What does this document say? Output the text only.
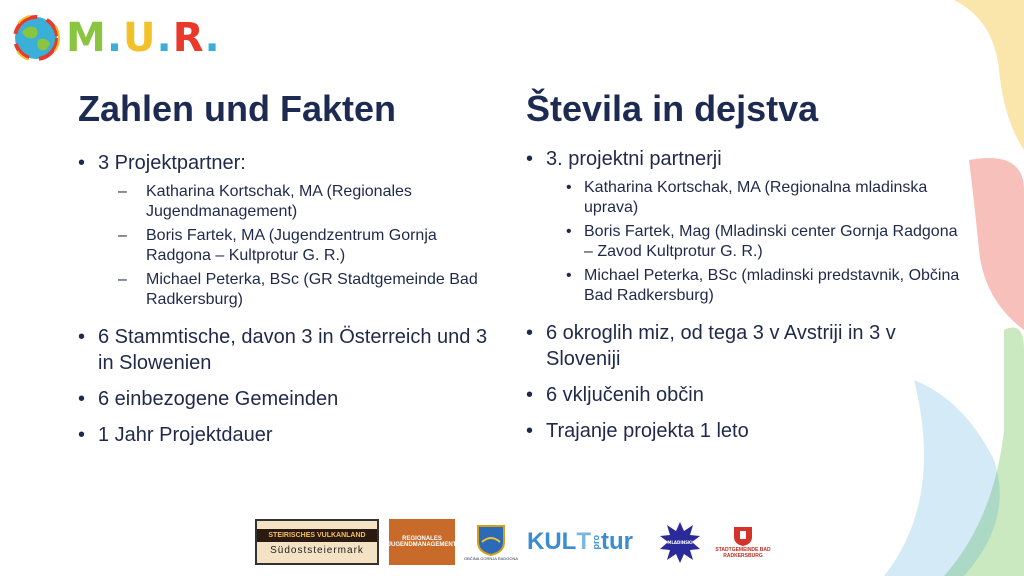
M.U.R.
Zahlen und Fakten	Števila in dejstva
• 3 Projektpartner:
– Katharina Kortschak, MA (Regionales Jugendmanagement)
– Boris Fartek, MA (Jugendzentrum Gornja Radgona – Kultprotur G. R.)
– Michael Peterka, BSc (GR Stadtgemeinde Bad Radkersburg)
• 6 Stammtische, davon 3 in Österreich und 3 in Slowenien
• 6 einbezogene Gemeinden
• 1 Jahr Projektdauer
• 3. projektni partnerji
• Katharina Kortschak, MA (Regionalna mladinska uprava)
• Boris Fartek, Mag (Mladinski center Gornja Radgona – Zavod Kultprotur G. R.)
• Michael Peterka, BSc (mladinski predstavnik, Občina Bad Radkersburg)
• 6 okroglih miz, od tega 3 v Avstriji in 3 v Sloveniji
• 6 vključenih občin
• Trajanje projekta 1 leto
STEIRISCHES VULKANLAND
Südoststeiermark
REGIONALES JUGENDMANAGEMENT
OBČINA GORNJA RADGONA
KUL T pro tur	MLADINSKI
STADTGEMEINDE BAD RADKERSBURG
